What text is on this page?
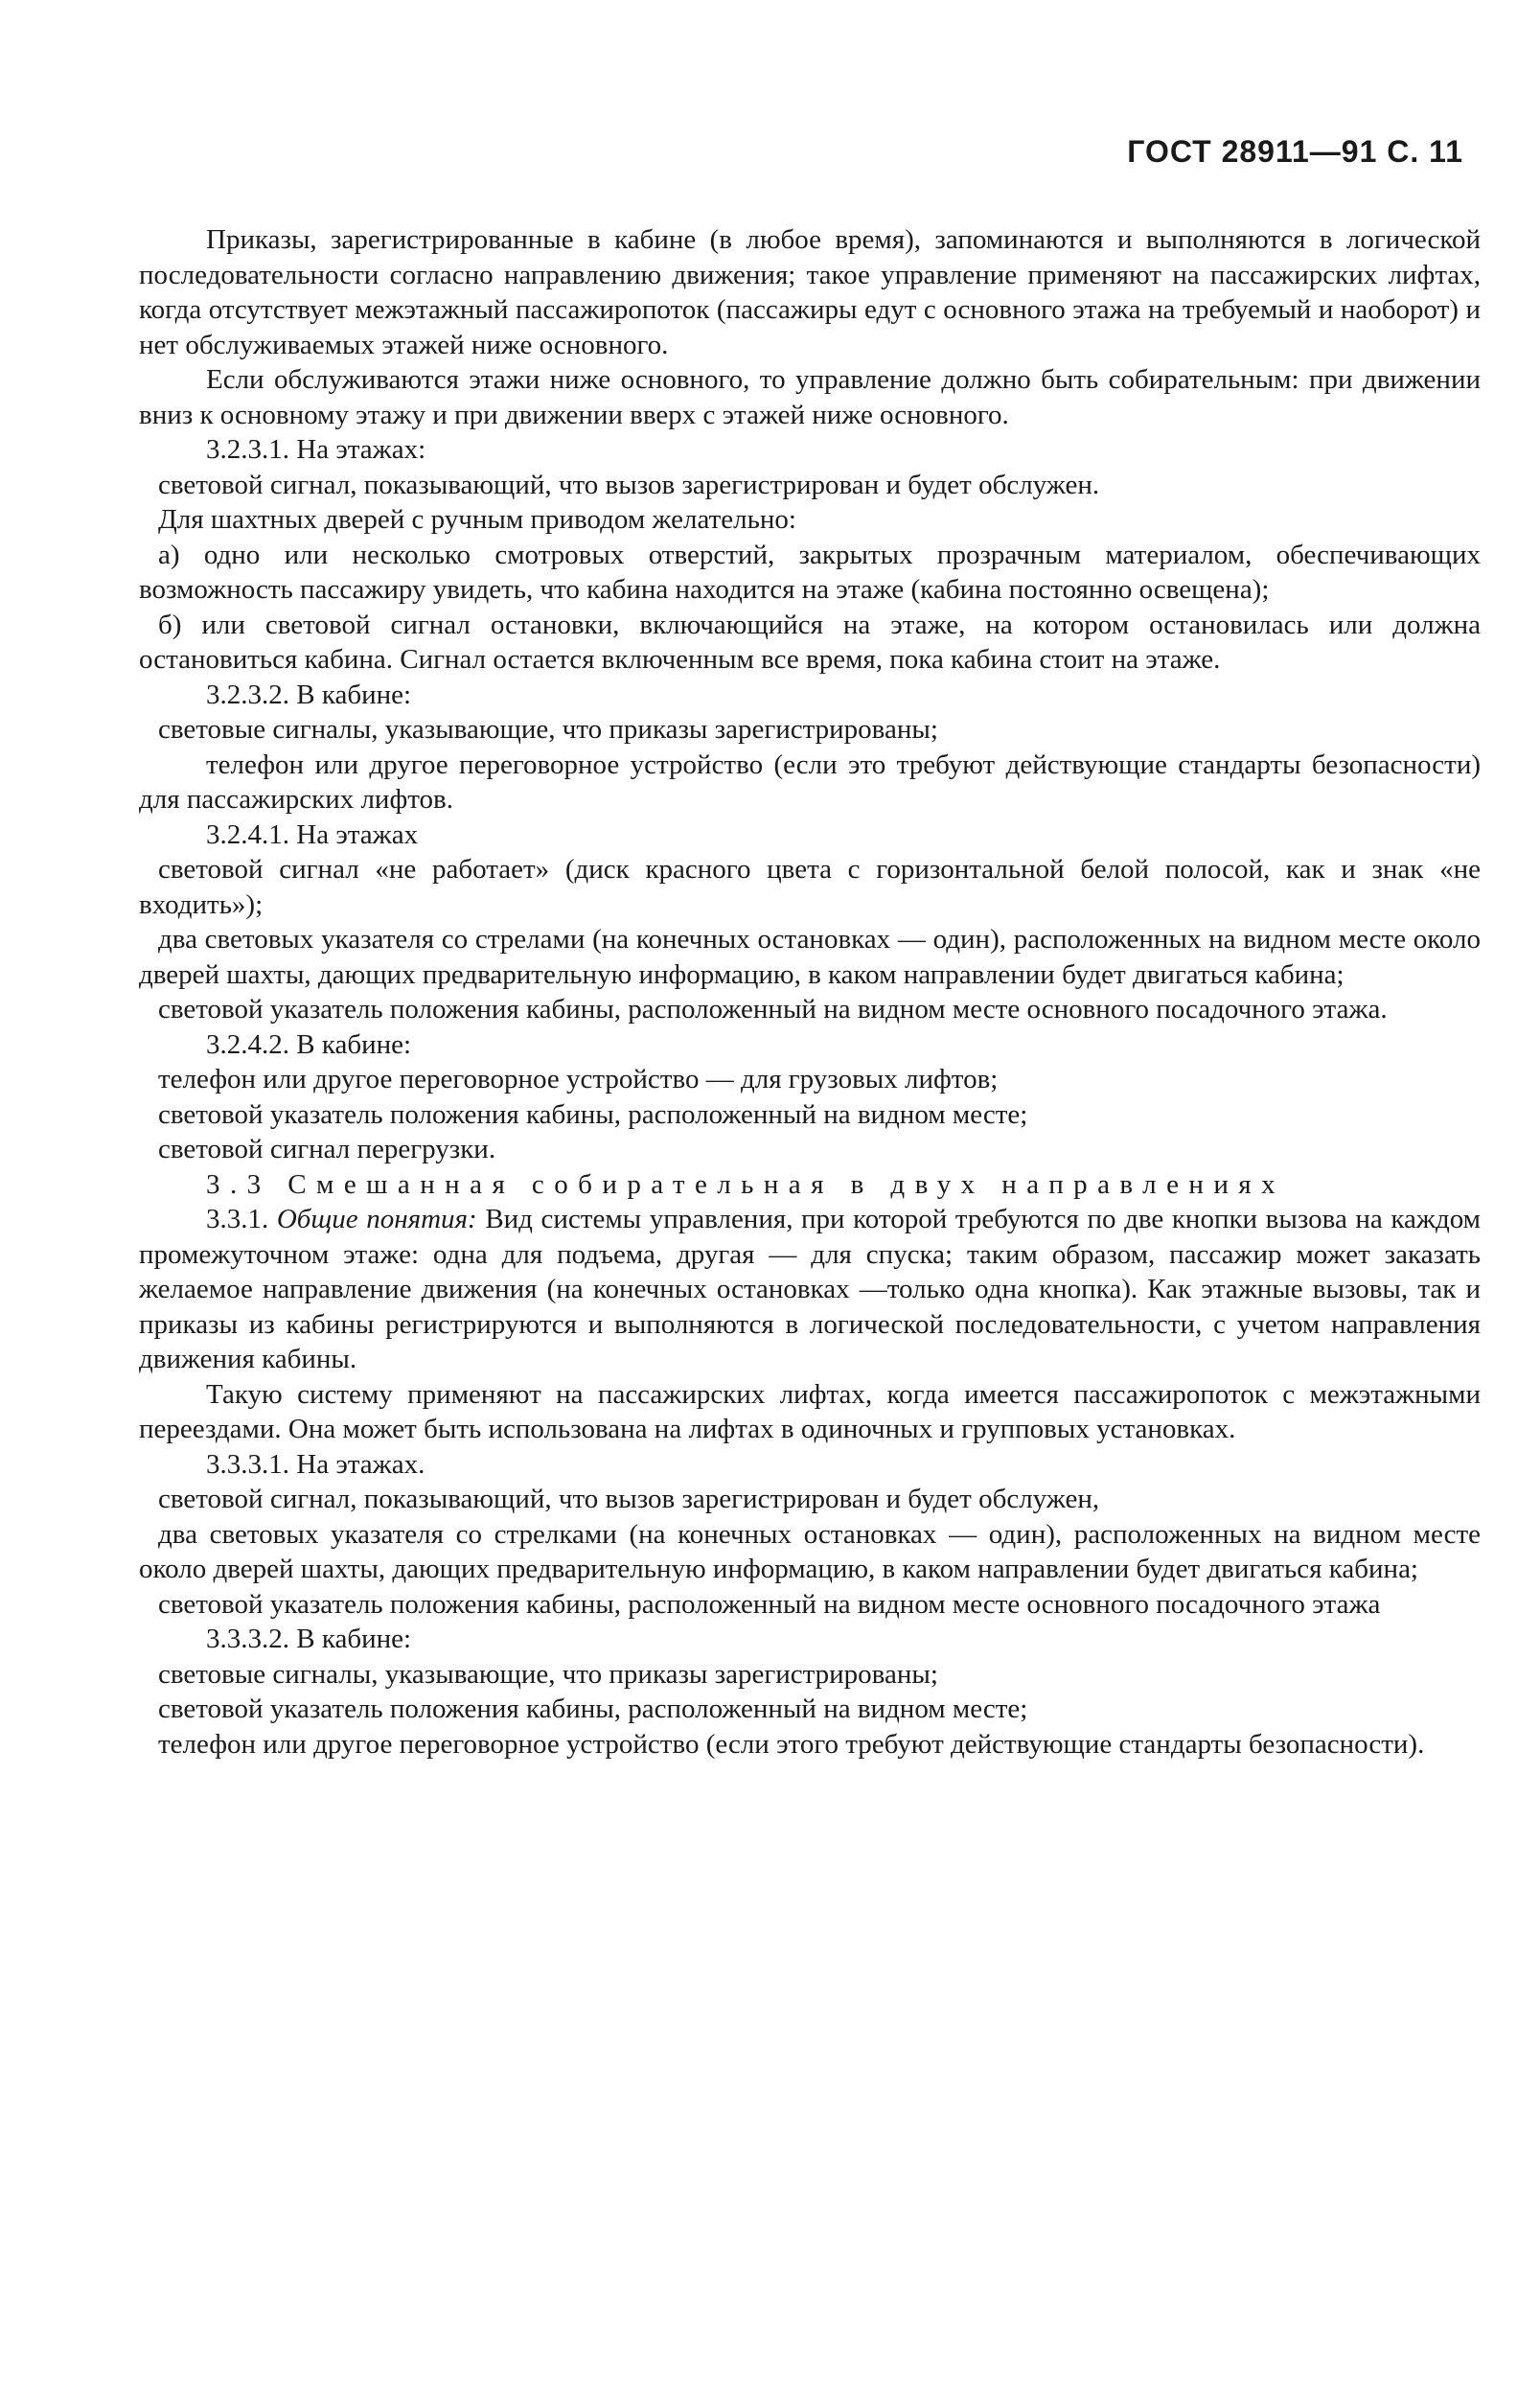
ГОСТ 28911—91 С. 11

Приказы, зарегистрированные в кабине (в любое время), запоминаются и выполняются в логической последовательности согласно направлению движения; такое управление применяют на пассажирских лифтах, когда отсутствует межэтажный пассажиропоток (пассажиры едут с основного этажа на требуемый и наоборот) и нет обслуживаемых этажей ниже основного.

Если обслуживаются этажи ниже основного, то управление должно быть собирательным: при движении вниз к основному этажу и при движении вверх с этажей ниже основного.

3.2.3.1. На этажах:

световой сигнал, показывающий, что вызов зарегистрирован и будет обслужен.

Для шахтных дверей с ручным приводом желательно:

а) одно или несколько смотровых отверстий, закрытых прозрачным материалом, обеспечивающих возможность пассажиру увидеть, что кабина находится на этаже (кабина постоянно освещена);

б) или световой сигнал остановки, включающийся на этаже, на котором остановилась или должна остановиться кабина. Сигнал остается включенным все время, пока кабина стоит на этаже.

3.2.3.2. В кабине:

световые сигналы, указывающие, что приказы зарегистрированы;

телефон или другое переговорное устройство (если это требуют действующие стандарты безопасности) для пассажирских лифтов.

3.2.4.1. На этажах

световой сигнал «не работает» (диск красного цвета с горизонтальной белой полосой, как и знак «не входить»);

два световых указателя со стрелами (на конечных остановках — один), расположенных на видном месте около дверей шахты, дающих предварительную информацию, в каком направлении будет двигаться кабина;

световой указатель положения кабины, расположенный на видном месте основного посадочного этажа.

3.2.4.2. В кабине:

телефон или другое переговорное устройство — для грузовых лифтов;

световой указатель положения кабины, расположенный на видном месте;

световой сигнал перегрузки.

3.3 Смешанная собирательная в двух направлениях

3.3.1. Общие понятия: Вид системы управления, при которой требуются по две кнопки вызова на каждом промежуточном этаже: одна для подъема, другая — для спуска; таким образом, пассажир может заказать желаемое направление движения (на конечных остановках —только одна кнопка). Как этажные вызовы, так и приказы из кабины регистрируются и выполняются в логической последовательности, с учетом направления движения кабины.

Такую систему применяют на пассажирских лифтах, когда имеется пассажиропоток с межэтажными переездами. Она может быть использована на лифтах в одиночных и групповых установках.

3.3.3.1. На этажах.

световой сигнал, показывающий, что вызов зарегистрирован и будет обслужен,

два световых указателя со стрелками (на конечных остановках — один), расположенных на видном месте около дверей шахты, дающих предварительную информацию, в каком направлении будет двигаться кабина;

световой указатель положения кабины, расположенный на видном месте основного посадочного этажа

3.3.3.2. В кабине:

световые сигналы, указывающие, что приказы зарегистрированы;

световой указатель положения кабины, расположенный на видном месте;

телефон или другое переговорное устройство (если этого требуют действующие стандарты безопасности).
